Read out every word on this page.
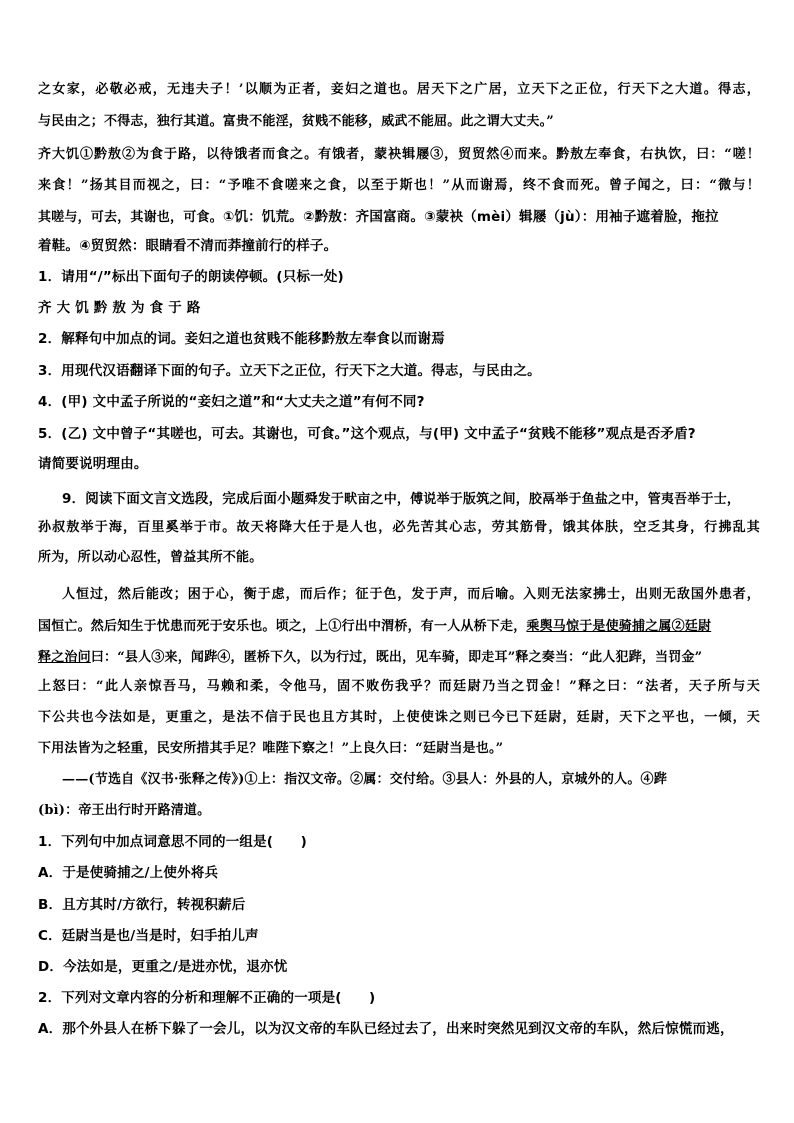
之女家，必敬必戒，无违夫子！’以顺为正者，妾妇之道也。居天下之广居，立天下之正位，行天下之大道。得志，
与民由之；不得志，独行其道。富贵不能淫，贫贱不能移，威武不能屈。此之谓大丈夫。”
齐大饥①黔敖②为食于路，以待饿者而食之。有饿者，蒙袂辑屦③，贸贸然④而来。黔敖左奉食，右执饮，曰：“嗟！
来食！”扬其目而视之，曰：“予唯不食嗟来之食，以至于斯也！”从而谢焉，终不食而死。曾子闻之，曰：“微与！
其嗟与，可去，其谢也，可食。①饥：饥荒。②黔敖：齐国富商。③蒙袂（mèi）辑屦（jù）：用袖子遮着脸，拖拉
着鞋。④贸贸然：眼睛看不清而莽撞前行的样子。
1．请用“/”标出下面句子的朗读停顿。(只标一处)
齐 大 饥 黔 敖 为 食 于 路
2．解释句中加点的词。妾妇之道也贫贱不能移黔敖左奉食以而谢焉
3．用现代汉语翻译下面的句子。立天下之正位，行天下之大道。得志，与民由之。
4．(甲) 文中孟子所说的“妾妇之道”和“大丈夫之道”有何不同?
5．(乙) 文中曾子“其嗟也，可去。其谢也，可食。”这个观点，与(甲) 文中孟子“贫贱不能移”观点是否矛盾?
请简要说明理由。
9．阅读下面文言文选段，完成后面小题舜发于畎亩之中，傅说举于版筑之间，胶鬲举于鱼盐之中，管夷吾举于士，
孙叔敖举于海，百里奚举于市。故天将降大任于是人也，必先苦其心志，劳其筋骨，饿其体肤，空乏其身，行拂乱其
所为，所以动心忍性，曾益其所不能。
人恒过，然后能改；困于心，衡于虑，而后作；征于色，发于声，而后喻。入则无法家拂士，出则无敌国外患者，
国恒亡。然后知生于忧患而死于安乐也。顷之，上①行出中渭桥，有一人从桥下走，乘舆马惊于是使骑捕之属②廷尉
释之治问曰：“县人③来，闻跸④，匿桥下久，以为行过，既出，见车骑，即走耳”释之奏当：“此人犯跸，当罚金”
上怒曰：“此人亲惊吾马，马赖和柔，令他马，固不败伤我乎？而廷尉乃当之罚金！”释之曰：“法者，天子所与天
下公共也今法如是，更重之，是法不信于民也且方其时，上使使诛之则已今已下廷尉，廷尉，天下之平也，一倾，天
下用法皆为之轻重，民安所措其手足？唯陛下察之！”上良久曰：“廷尉当是也。”
——(节选自《汉书·张释之传》)①上：指汉文帝。②属：交付给。③县人：外县的人，京城外的人。④跸
(bì)：帝王出行时开路清道。
1．下列句中加点词意思不同的一组是(　　)
A．于是使骑捕之/上使外将兵
B．且方其时/方欲行，转视积薪后
C．廷尉当是也/当是时，妇手拍儿声
D．今法如是，更重之/是进亦忧，退亦忧
2．下列对文章内容的分析和理解不正确的一项是(　　)
A．那个外县人在桥下躲了一会儿，以为汉文帝的车队已经过去了，出来时突然见到汉文帝的车队，然后惊慌而逃，
